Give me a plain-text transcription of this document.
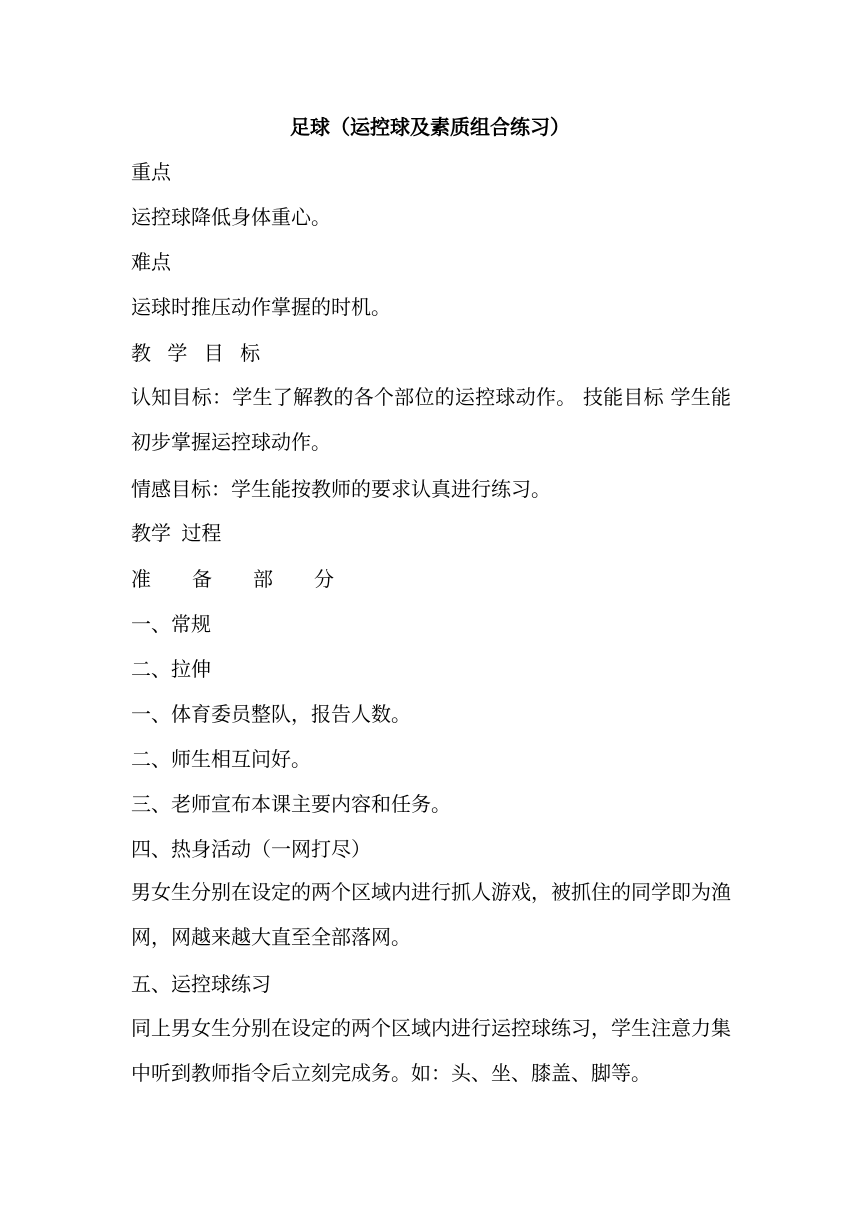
足球（运控球及素质组合练习）
重点
运控球降低身体重心。
难点
运球时推压动作掌握的时机。
教 学 目 标
认知目标：学生了解教的各个部位的运控球动作。 技能目标 学生能初步掌握运控球动作。
情感目标：学生能按教师的要求认真进行练习。
教学 过程
准备部分
一、常规
二、拉伸
一、体育委员整队，报告人数。
二、师生相互问好。
三、老师宣布本课主要内容和任务。
四、热身活动（一网打尽）
男女生分别在设定的两个区域内进行抓人游戏，被抓住的同学即为渔网，网越来越大直至全部落网。
五、运控球练习
同上男女生分别在设定的两个区域内进行运控球练习，学生注意力集中听到教师指令后立刻完成务。如：头、坐、膝盖、脚等。
